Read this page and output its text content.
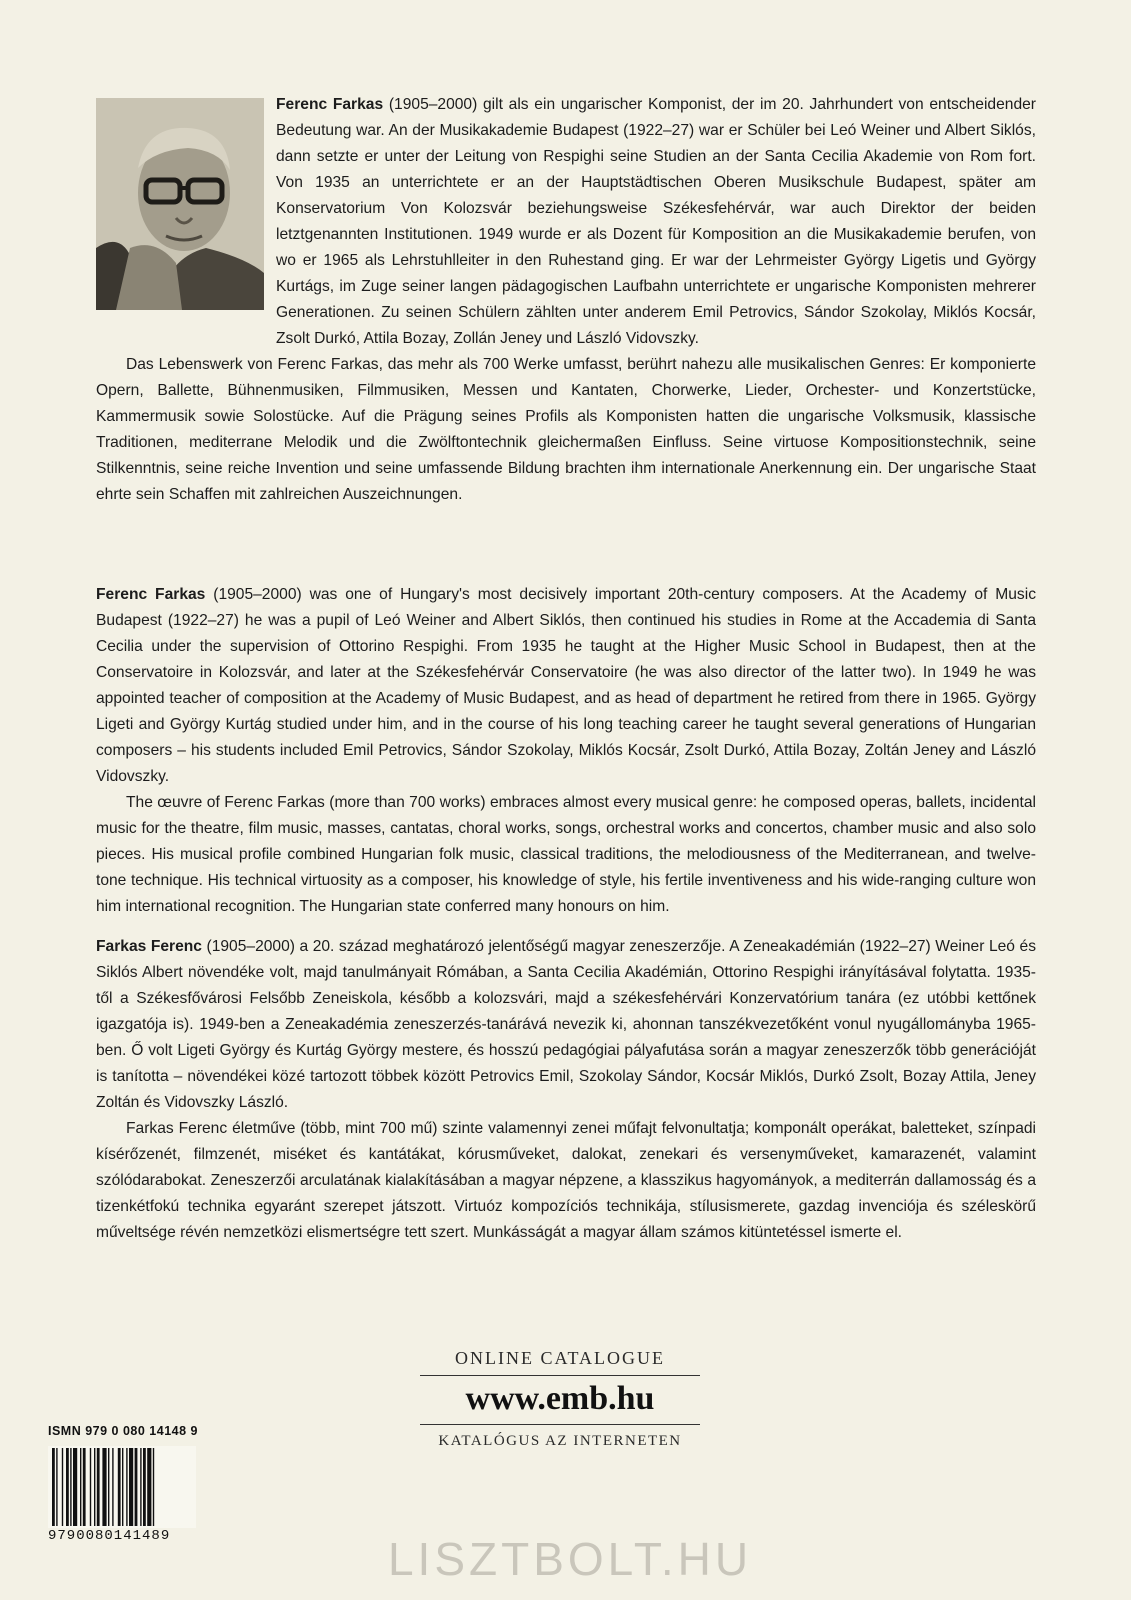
Ferenc Farkas (1905–2000) gilt als ein ungarischer Komponist, der im 20. Jahrhundert von entscheidender Bedeutung war. An der Musikakademie Budapest (1922–27) war er Schüler bei Leó Weiner und Albert Siklós, dann setzte er unter der Leitung von Respighi seine Studien an der Santa Cecilia Akademie von Rom fort. Von 1935 an unterrichtete er an der Hauptstädtischen Oberen Musikschule Budapest, später am Konservatorium Von Kolozsvár beziehungsweise Székesfehérvár, war auch Direktor der beiden letztgenannten Institutionen. 1949 wurde er als Dozent für Komposition an die Musikakademie berufen, von wo er 1965 als Lehrstuhlleiter in den Ruhestand ging. Er war der Lehrmeister György Ligetis und György Kurtágs, im Zuge seiner langen pädagogischen Laufbahn unterrichtete er ungarische Komponisten mehrerer Generationen. Zu seinen Schülern zählten unter anderem Emil Petrovics, Sándor Szokolay, Miklós Kocsár, Zsolt Durkó, Attila Bozay, Zollán Jeney und László Vidovszky.

Das Lebenswerk von Ferenc Farkas, das mehr als 700 Werke umfasst, berührt nahezu alle musikalischen Genres: Er komponierte Opern, Ballette, Bühnenmusiken, Filmmusiken, Messen und Kantaten, Chorwerke, Lieder, Orchester- und Konzertstücke, Kammermusik sowie Solostücke. Auf die Prägung seines Profils als Komponisten hatten die ungarische Volksmusik, klassische Traditionen, mediterrane Melodik und die Zwölftontechnik gleichermaßen Einfluss. Seine virtuose Kompositionstechnik, seine Stilkenntnis, seine reiche Invention und seine umfassende Bildung brachten ihm internationale Anerkennung ein. Der ungarische Staat ehrte sein Schaffen mit zahlreichen Auszeichnungen.

Ferenc Farkas (1905–2000) was one of Hungary's most decisively important 20th-century composers. At the Academy of Music Budapest (1922–27) he was a pupil of Leó Weiner and Albert Siklós, then continued his studies in Rome at the Accademia di Santa Cecilia under the supervision of Ottorino Respighi. From 1935 he taught at the Higher Music School in Budapest, then at the Conservatoire in Kolozsvár, and later at the Székesfehérvár Conservatoire (he was also director of the latter two). In 1949 he was appointed teacher of composition at the Academy of Music Budapest, and as head of department he retired from there in 1965. György Ligeti and György Kurtág studied under him, and in the course of his long teaching career he taught several generations of Hungarian composers – his students included Emil Petrovics, Sándor Szokolay, Miklós Kocsár, Zsolt Durkó, Attila Bozay, Zoltán Jeney and László Vidovszky.

The œuvre of Ferenc Farkas (more than 700 works) embraces almost every musical genre: he composed operas, ballets, incidental music for the theatre, film music, masses, cantatas, choral works, songs, orchestral works and concertos, chamber music and also solo pieces. His musical profile combined Hungarian folk music, classical traditions, the melodiousness of the Mediterranean, and twelve-tone technique. His technical virtuosity as a composer, his knowledge of style, his fertile inventiveness and his wide-ranging culture won him international recognition. The Hungarian state conferred many honours on him.

Farkas Ferenc (1905–2000) a 20. század meghatározó jelentőségű magyar zeneszerzője. A Zeneakadémián (1922–27) Weiner Leó és Siklós Albert növendéke volt, majd tanulmányait Rómában, a Santa Cecilia Akadémián, Ottorino Respighi irányításával folytatta. 1935-től a Székesfővárosi Felsőbb Zeneiskola, később a kolozsvári, majd a székesfehérvári Konzervatórium tanára (ez utóbbi kettőnek igazgatója is). 1949-ben a Zeneakadémia zeneszerzés-tanárává nevezik ki, ahonnan tanszékvezetőként vonul nyugállományba 1965-ben. Ő volt Ligeti György és Kurtág György mestere, és hosszú pedagógiai pályafutása során a magyar zeneszerzők több generációját is tanította – növendékei közé tartozott többek között Petrovics Emil, Szokolay Sándor, Kocsár Miklós, Durkó Zsolt, Bozay Attila, Jeney Zoltán és Vidovszky László.

Farkas Ferenc életműve (több, mint 700 mű) szinte valamennyi zenei műfajt felvonultatja; komponált operákat, baletteket, színpadi kísérőzenét, filmzenét, miséket és kantátákat, kórusműveket, dalokat, zenekari és versenyműveket, kamarazenét, valamint szólódarabokat. Zeneszerzői arculatának kialakításában a magyar népzene, a klasszikus hagyományok, a mediterrán dallamosság és a tizenkétfokú technika egyaránt szerepet játszott. Virtuóz kompozíciós technikája, stílusismerete, gazdag invenciója és széleskörű műveltsége révén nemzetközi elismertségre tett szert. Munkásságát a magyar állam számos kitüntetéssel ismerte el.

ONLINE CATALOGUE
www.emb.hu
KATALÓGUS AZ INTERNETEN
ISMN 979 0 080 14148 9
9790080141489	LISZTBOLT.HU
